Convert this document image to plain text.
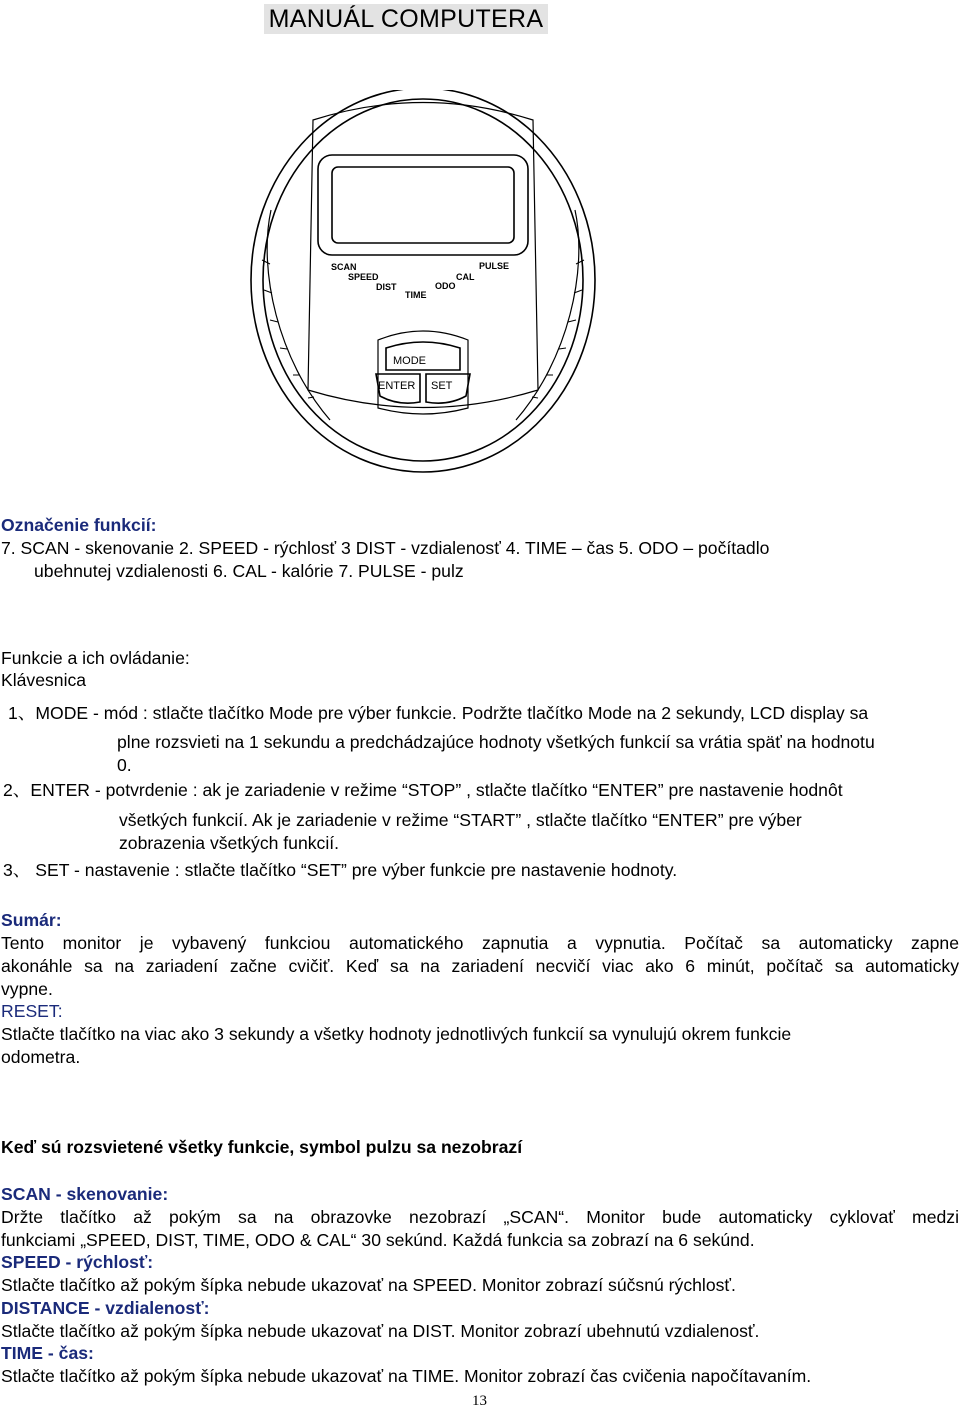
MANUÁL COMPUTERA
SCAN	PULSE
SPEED	CAL
DIST	ODO
TIME
MODE
ENTER SET
Označenie funkcií:
7. SCAN - skenovanie 2. SPEED - rýchlosť 3 DIST - vzdialenosť 4. TIME – čas 5. ODO – počítadlo
ubehnutej vzdialenosti 6. CAL - kalórie 7. PULSE - pulz
Funkcie a ich ovládanie:
Klávesnica
1、MODE - mód : stlačte tlačítko Mode pre výber funkcie. Podržte tlačítko Mode na 2 sekundy, LCD display sa
plne rozsvieti na 1 sekundu a predchádzajúce hodnoty všetkých funkcií sa vrátia späť na hodnotu
0.
2、ENTER - potvrdenie : ak je zariadenie v režime “STOP” , stlačte tlačítko “ENTER” pre nastavenie hodnôt
všetkých funkcií. Ak je zariadenie v režime “START” , stlačte tlačítko “ENTER” pre výber
zobrazenia všetkých funkcií.
3、 SET - nastavenie : stlačte tlačítko “SET” pre výber funkcie pre nastavenie hodnoty.
Sumár:
Tento monitor je vybavený funkciou automatického zapnutia a vypnutia. Počítač sa automaticky zapne
akonáhle sa na zariadení začne cvičiť. Keď sa na zariadení necvičí viac ako 6 minút, počítač sa automaticky
vypne.
RESET:
Stlačte tlačítko na viac ako 3 sekundy a všetky hodnoty jednotlivých funkcií sa vynulujú okrem funkcie
odometra.
Keď sú rozsvietené všetky funkcie, symbol pulzu sa nezobrazí
SCAN - skenovanie:
Držte tlačítko až pokým sa na obrazovke nezobrazí „SCAN“. Monitor bude automaticky cyklovať medzi
funkciami „SPEED, DIST, TIME, ODO & CAL“ 30 sekúnd. Každá funkcia sa zobrazí na 6 sekúnd.
SPEED - rýchlosť:
Stlačte tlačítko až pokým šípka nebude ukazovať na SPEED. Monitor zobrazí súčsnú rýchlosť.
DISTANCE - vzdialenosť:
Stlačte tlačítko až pokým šípka nebude ukazovať na DIST. Monitor zobrazí ubehnutú vzdialenosť.
TIME - čas:
Stlačte tlačítko až pokým šípka nebude ukazovať na TIME. Monitor zobrazí čas cvičenia napočítavaním.
13
